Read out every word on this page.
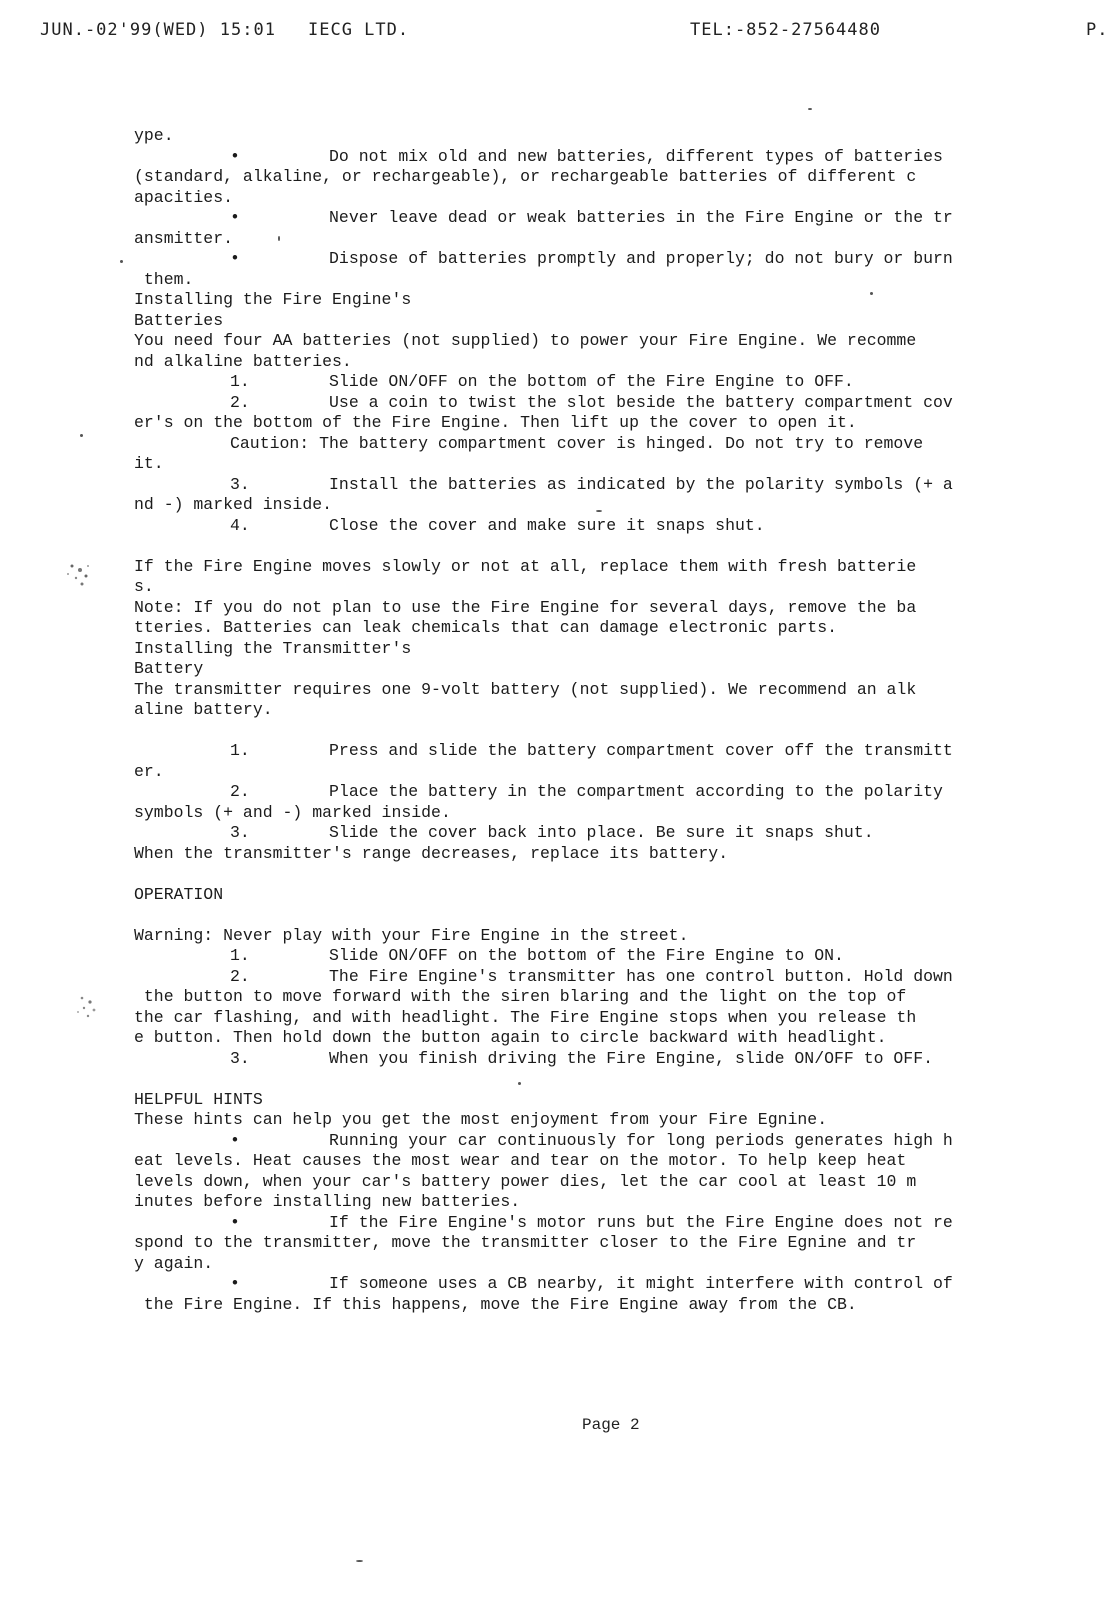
JUN.-02'99(WED) 15:01 IECG LTD.	TEL:-852-27564480	P.
ype.
•         Do not mix old and new batteries, different types of batteries
(standard, alkaline, or rechargeable), or rechargeable batteries of different c
apacities.
•         Never leave dead or weak batteries in the Fire Engine or the tr
ansmitter.
•         Dispose of batteries promptly and properly; do not bury or burn
them.
Installing the Fire Engine's
Batteries
You need four AA batteries (not supplied) to power your Fire Engine. We recomme
nd alkaline batteries.
1.        Slide ON/OFF on the bottom of the Fire Engine to OFF.
2.        Use a coin to twist the slot beside the battery compartment cov
er's on the bottom of the Fire Engine. Then lift up the cover to open it.
Caution: The battery compartment cover is hinged. Do not try to remove
it.
3.        Install the batteries as indicated by the polarity symbols (+ a
nd -) marked inside.
4.        Close the cover and make sure it snaps shut.
If the Fire Engine moves slowly or not at all, replace them with fresh batterie
s.
Note: If you do not plan to use the Fire Engine for several days, remove the ba
tteries. Batteries can leak chemicals that can damage electronic parts.
Installing the Transmitter's
Battery
The transmitter requires one 9-volt battery (not supplied). We recommend an alk
aline battery.
1.        Press and slide the battery compartment cover off the transmitt
er.
2.        Place the battery in the compartment according to the polarity
symbols (+ and -) marked inside.
3.        Slide the cover back into place. Be sure it snaps shut.
When the transmitter's range decreases, replace its battery.
OPERATION
Warning: Never play with your Fire Engine in the street.
1.        Slide ON/OFF on the bottom of the Fire Engine to ON.
2.        The Fire Engine's transmitter has one control button. Hold down
the button to move forward with the siren blaring and the light on the top of
the car flashing, and with headlight. The Fire Engine stops when you release th
e button. Then hold down the button again to circle backward with headlight.
3.        When you finish driving the Fire Engine, slide ON/OFF to OFF.
HELPFUL HINTS
These hints can help you get the most enjoyment from your Fire Egnine.
•         Running your car continuously for long periods generates high h
eat levels. Heat causes the most wear and tear on the motor. To help keep heat
levels down, when your car's battery power dies, let the car cool at least 10 m
inutes before installing new batteries.
•         If the Fire Engine's motor runs but the Fire Engine does not re
spond to the transmitter, move the transmitter closer to the Fire Egnine and tr
y again.
•         If someone uses a CB nearby, it might interfere with control of
the Fire Engine. If this happens, move the Fire Engine away from the CB.
Page 2
